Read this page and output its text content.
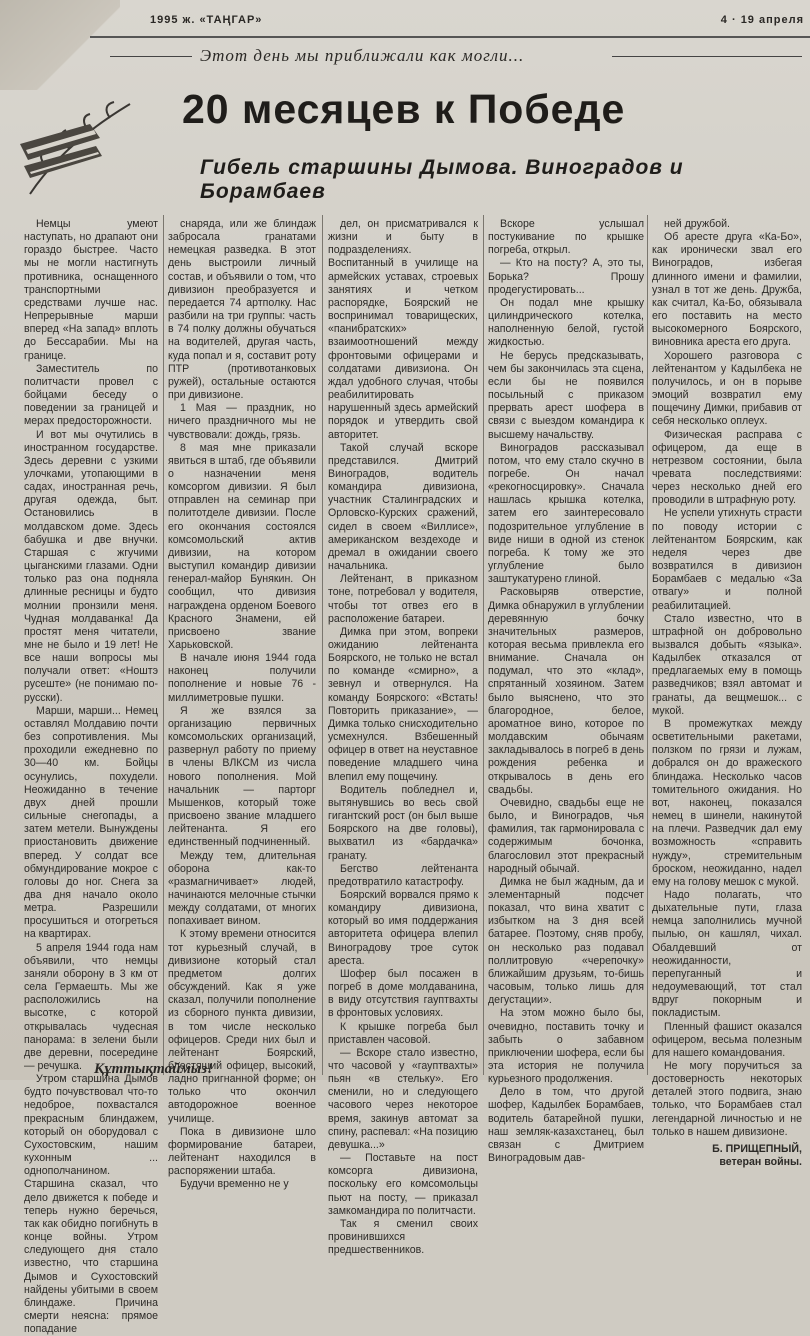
1995 ж. «ТАҢГАР»	4 · 19 апреля
Этот день мы приближали как могли...
20 месяцев к Победе
Гибель старшины Дымова. Виноградов и Борамбаев

Немцы умеют наступать, но драпают они гораздо быстрее. Часто мы не могли настигнуть противника, оснащенного транспортными средствами лучше нас. Непрерывные марши вперед «На запад» вплоть до Бессарабии. Мы на границе.

Заместитель по политчасти провел с бойцами беседу о поведении за границей и мерах предосторожности.

И вот мы очутились в иностранном государстве. Здесь деревни с узкими улочками, утопающими в садах, иностранная речь, другая одежда, быт. Остановились в молдавском доме. Здесь бабушка и две внучки. Старшая с жгучими цыганскими глазами. Одни только раз она подняла длинные ресницы и будто молнии пронзили меня. Чудная молдаванка! Да простят меня читатели, мне не было и 19 лет! Не все наши вопросы мы получали ответ: «Ноштэ русеште» (не понимаю по-русски).

Марши, марши... Немец оставлял Молдавию почти без сопротивления. Мы проходили ежедневно по 30—40 км. Бойцы осунулись, похудели. Неожиданно в течение двух дней прошли сильные снегопады, а затем метели. Вынуждены приостановить движение вперед. У солдат все обмундирование мокрое с головы до ног. Снега за два дня начало около метра. Разрешили просушиться и отогреться на квартирах.

5 апреля 1944 года нам объявили, что немцы заняли оборону в 3 км от села Гермаешть. Мы же расположились на высотке, с которой открывалась чудесная панорама: в зелени были две деревни, посередине — речушка.

Утром старшина Дымов будто почувствовал что-то недоброе, похвастался прекрасным блиндажем, который он оборудовал с Сухостовским, нашим кухонным ... однополчанином. Старшина сказал, что дело движется к победе и теперь нужно беречься, так как обидно погибнуть в конце войны. Утром следующего дня стало известно, что старшина Дымов и Сухостовский найдены убитыми в своем блиндаже. Причина смерти неясна: прямое попадание

снаряда, или же блиндаж забросала гранатами немецкая разведка. В этот день выстроили личный состав, и объявили о том, что дивизион преобразуется и передается 74 артполку. Нас разбили на три группы: часть в 74 полку должны обучаться на водителей, другая часть, куда попал и я, составит роту ПТР (противотанковых ружей), остальные остаются при дивизионе.

1 Мая — праздник, но ничего праздничного мы не чувствовали: дождь, грязь.

8 мая мне приказали явиться в штаб, где объявили о назначении меня комсоргом дивизии. Я был отправлен на семинар при политотделе дивизии. После его окончания состоялся комсомольский актив дивизии, на котором выступил командир дивизии генерал-майор Бунякин. Он сообщил, что дивизия награждена орденом Боевого Красного Знамени, ей присвоено звание Харьковской.

В начале июня 1944 года наконец получили пополнение и новые 76 - миллиметровые пушки.

Я же взялся за организацию первичных комсомольских организаций, развернул работу по приему в члены ВЛКСМ из числа нового пополнения. Мой начальник — парторг Мышенков, который тоже присвоено звание младшего лейтенанта. Я его единственный подчиненный.

Между тем, длительная оборона как-то «размагничивает» людей, начинаются мелочные стычки между солдатами, от многих попахивает вином.

К этому времени относится тот курьезный случай, в дивизионе который стал предметом долгих обсуждений. Как я уже сказал, получили пополнение из сборного пункта дивизии, в том числе несколько офицеров. Среди них был и лейтенант Боярский, блестящий офицер, высокий, ладно пригнанной форме; он только что окончил автодорожное военное училище.

Пока в дивизионе шло формирование батареи, лейтенант находился в распоряжении штаба.

Будучи временно не у

дел, он присматривался к жизни и быту в подразделениях. Воспитанный в училище на армейских уставах, строевых занятиях и четком распорядке, Боярский не воспринимал товарищеских, «панибратских» взаимоотношений между фронтовыми офицерами и солдатами дивизиона. Он ждал удобного случая, чтобы реабилитировать нарушенный здесь армейский порядок и утвердить свой авторитет.

Такой случай вскоре представился. Дмитрий Виноградов, водитель командира дивизиона, участник Сталинградских и Орловско-Курских сражений, сидел в своем «Виллисе», американском вездеходе и дремал в ожидании своего начальника.

Лейтенант, в приказном тоне, потребовал у водителя, чтобы тот отвез его в расположение батареи.

Димка при этом, вопреки ожиданию лейтенанта Боярского, не только не встал по команде «смирно», а зевнул и отвернулся. На команду Боярского: «Встать! Повторить приказание», — Димка только снисходительно усмехнулся. Взбешенный офицер в ответ на неуставное поведение младшего чина влепил ему пощечину.

Водитель побледнел и, вытянувшись во весь свой гигантский рост (он был выше Боярского на две головы), выхватил из «бардачка» гранату.

Бегство лейтенанта предотвратило катастрофу.

Боярский ворвался прямо к командиру дивизиона, который во имя поддержания авторитета офицера влепил Виноградову трое суток ареста.

Шофер был посажен в погреб в доме молдаванина, в виду отсутствия гауптвахты в фронтовых условиях.

К крышке погреба был приставлен часовой.

— Вскоре стало известно, что часовой у «гауптвахты» пьян «в стельку». Его сменили, но и следующего часового через некоторое время, закинув автомат за спину, распевал: «На позицию девушка...»

— Поставьте на пост комсорга дивизиона, поскольку его комсомольцы пьют на посту, — приказал замкомандира по политчасти.

Так я сменил своих провинившихся предшественников.

Вскоре услышал постукивание по крышке погреба, открыл.

— Кто на посту? А, это ты, Борька? Прошу продегустировать...

Он подал мне крышку цилиндрического котелка, наполненную белой, густой жидкостью.

Не берусь предсказывать, чем бы закончилась эта сцена, если бы не появился посыльный с приказом прервать арест шофера в связи с выездом командира к высшему начальству.

Виноградов рассказывал потом, что ему стало скучно в погребе. Он начал «рекогносцировку». Сначала нашлась крышка котелка, затем его заинтересовало подозрительное углубление в виде ниши в одной из стенок погреба. К тому же это углубление было заштукатурено глиной.

Расковыряв отверстие, Димка обнаружил в углублении деревянную бочку значительных размеров, которая весьма привлекла его внимание. Сначала он подумал, что это «клад», спрятанный хозяином. Затем было выяснено, что это благородное, белое, ароматное вино, которое по молдавским обычаям закладывалось в погреб в день рождения ребенка и открывалось в день его свадьбы.

Очевидно, свадьбы еще не было, и Виноградов, чья фамилия, так гармонировала с содержимым бочонка, благословил этот прекрасный народный обычай.

Димка не был жадным, да и элементарный подсчет показал, что вина хватит с избытком на 3 дня всей батарее. Поэтому, сняв пробу, он несколько раз подавал поллитровую «черепочку» ближайшим друзьям, то-бишь часовым, только лишь для дегустации».

На этом можно было бы, очевидно, поставить точку и забыть о забавном приключении шофера, если бы эта история не получила курьезного продолжения.

Дело в том, что другой шофер, Кадылбек Борамбаев, водитель батарейной пушки, наш земляк-казахстанец, был связан с Дмитрием Виноградовым дав-

ней дружбой.

Об аресте друга «Ка-Бо», как иронически звал его Виноградов, избегая длинного имени и фамилии, узнал в тот же день. Дружба, как считал, Ка-Бо, обязывала его поставить на место высокомерного Боярского, виновника ареста его друга.

Хорошего разговора с лейтенантом у Кадылбека не получилось, и он в порыве эмоций возвратил ему пощечину Димки, прибавив от себя несколько оплеух.

Физическая расправа с офицером, да еще в нетрезвом состоянии, была чревата последствиями: через несколько дней его проводили в штрафную роту.

Не успели утихнуть страсти по поводу истории с лейтенантом Боярским, как неделя через две возвратился в дивизион Борамбаев с медалью «За отвагу» и полной реабилитацией.

Стало известно, что в штрафной он добровольно вызвался добыть «языка». Кадылбек отказался от предлагаемых ему в помощь разведчиков; взял автомат и гранаты, да вещмешок... с мукой.

В промежутках между осветительными ракетами, ползком по грязи и лужам, добрался он до вражеского блиндажа. Несколько часов томительного ожидания. Но вот, наконец, показался немец в шинели, накинутой на плечи. Разведчик дал ему возможность «справить нужду», стремительным броском, неожиданно, надел ему на голову мешок с мукой.

Надо полагать, что дыхательные пути, глаза немца заполнились мучной пылью, он кашлял, чихал. Обалдевший от неожиданности, перепуганный и недоумевающий, тот стал вдруг покорным и покладистым.

Пленный фашист оказался офицером, весьма полезным для нашего командования.

Не могу поручиться за достоверность некоторых деталей этого подвига, знаю только, что Борамбаев стал легендарной личностью и не только в нашем дивизионе.

Б. ПРИЩЕПНЫЙ,

ветеран войны.

Құттықтаймыз!
